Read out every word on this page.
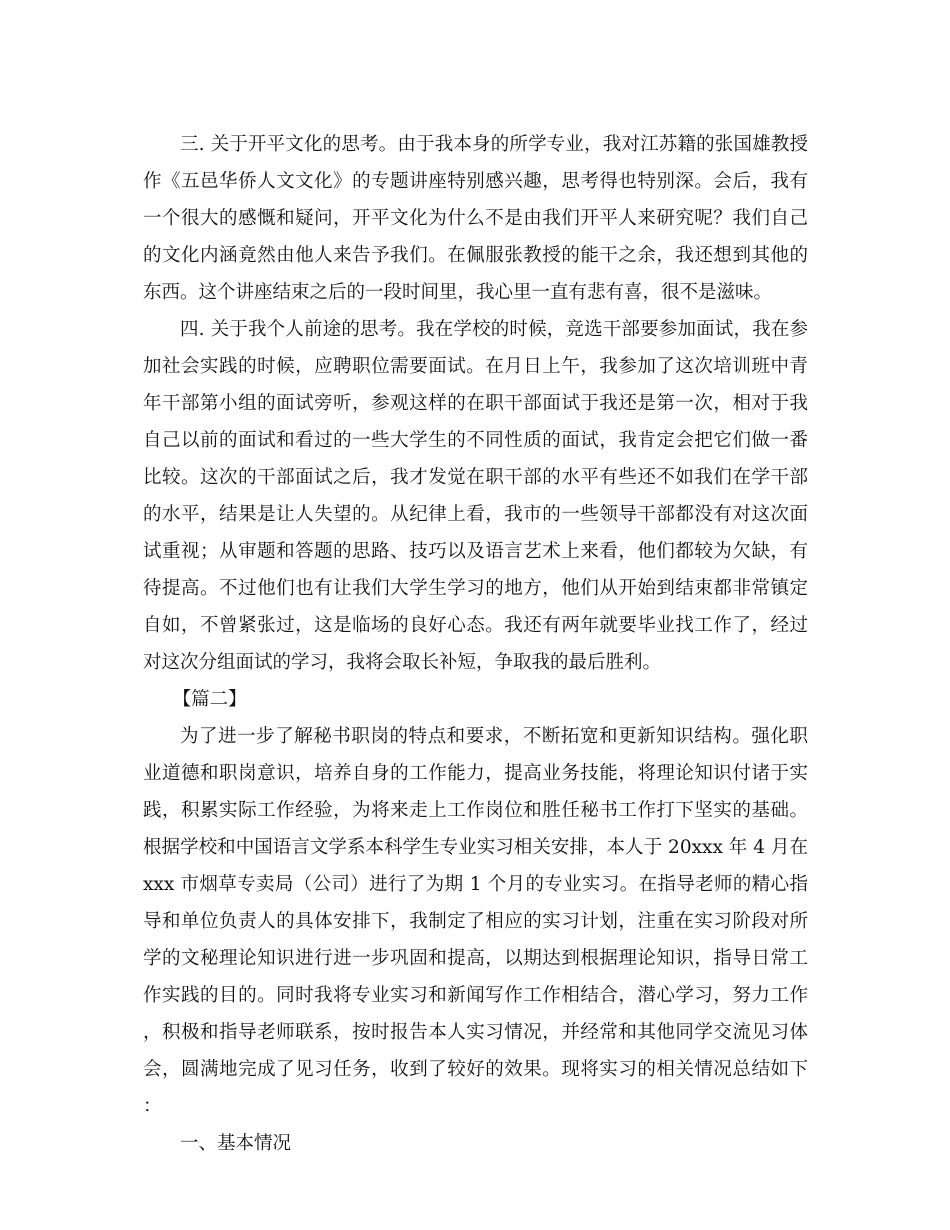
三. 关于开平文化的思考。由于我本身的所学专业，我对江苏籍的张国雄教授作《五邑华侨人文文化》的专题讲座特别感兴趣，思考得也特别深。会后，我有一个很大的感慨和疑问，开平文化为什么不是由我们开平人来研究呢？我们自己的文化内涵竟然由他人来告予我们。在佩服张教授的能干之余，我还想到其他的东西。这个讲座结束之后的一段时间里，我心里一直有悲有喜，很不是滋味。

四. 关于我个人前途的思考。我在学校的时候，竞选干部要参加面试，我在参加社会实践的时候，应聘职位需要面试。在月日上午，我参加了这次培训班中青年干部第小组的面试旁听，参观这样的在职干部面试于我还是第一次，相对于我自己以前的面试和看过的一些大学生的不同性质的面试，我肯定会把它们做一番比较。这次的干部面试之后，我才发觉在职干部的水平有些还不如我们在学干部的水平，结果是让人失望的。从纪律上看，我市的一些领导干部都没有对这次面试重视；从审题和答题的思路、技巧以及语言艺术上来看，他们都较为欠缺，有待提高。不过他们也有让我们大学生学习的地方，他们从开始到结束都非常镇定自如，不曾紧张过，这是临场的良好心态。我还有两年就要毕业找工作了，经过对这次分组面试的学习，我将会取长补短，争取我的最后胜利。

【篇二】

为了进一步了解秘书职岗的特点和要求，不断拓宽和更新知识结构。强化职业道德和职岗意识，培养自身的工作能力，提高业务技能，将理论知识付诸于实践，积累实际工作经验，为将来走上工作岗位和胜任秘书工作打下坚实的基础。根据学校和中国语言文学系本科学生专业实习相关安排，本人于 20xxx 年 4 月在 xxx 市烟草专卖局（公司）进行了为期 1 个月的专业实习。在指导老师的精心指导和单位负责人的具体安排下，我制定了相应的实习计划，注重在实习阶段对所学的文秘理论知识进行进一步巩固和提高，以期达到根据理论知识，指导日常工作实践的目的。同时我将专业实习和新闻写作工作相结合，潜心学习，努力工作，积极和指导老师联系，按时报告本人实习情况，并经常和其他同学交流见习体会，圆满地完成了见习任务，收到了较好的效果。现将实习的相关情况总结如下：

一、基本情况
